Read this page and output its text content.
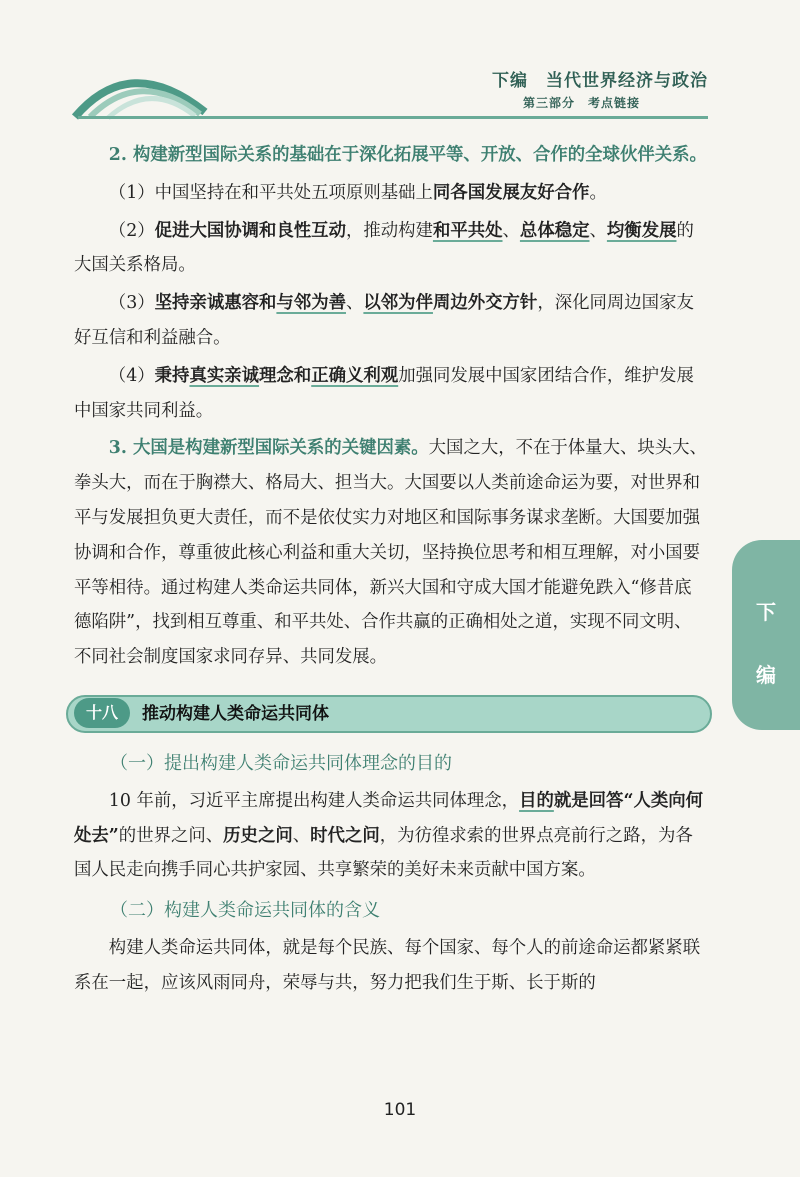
下编　当代世界经济与政治
第三部分　考点链接
下
编

2. 构建新型国际关系的基础在于深化拓展平等、开放、合作的全球伙伴关系。

（1）中国坚持在和平共处五项原则基础上同各国发展友好合作。

（2）促进大国协调和良性互动，推动构建和平共处、总体稳定、均衡发展的大国关系格局。

（3）坚持亲诚惠容和与邻为善、以邻为伴周边外交方针，深化同周边国家友好互信和利益融合。

（4）秉持真实亲诚理念和正确义利观加强同发展中国家团结合作，维护发展中国家共同利益。

3. 大国是构建新型国际关系的关键因素。大国之大，不在于体量大、块头大、拳头大，而在于胸襟大、格局大、担当大。大国要以人类前途命运为要，对世界和平与发展担负更大责任，而不是依仗实力对地区和国际事务谋求垄断。大国要加强协调和合作，尊重彼此核心利益和重大关切，坚持换位思考和相互理解，对小国要平等相待。通过构建人类命运共同体，新兴大国和守成大国才能避免跌入“修昔底德陷阱”，找到相互尊重、和平共处、合作共赢的正确相处之道，实现不同文明、不同社会制度国家求同存异、共同发展。

十八	推动构建人类命运共同体

（一）提出构建人类命运共同体理念的目的

10 年前，习近平主席提出构建人类命运共同体理念，目的就是回答“人类向何处去”的世界之问、历史之问、时代之问，为彷徨求索的世界点亮前行之路，为各国人民走向携手同心共护家园、共享繁荣的美好未来贡献中国方案。

（二）构建人类命运共同体的含义

构建人类命运共同体，就是每个民族、每个国家、每个人的前途命运都紧紧联系在一起，应该风雨同舟，荣辱与共，努力把我们生于斯、长于斯的

101
